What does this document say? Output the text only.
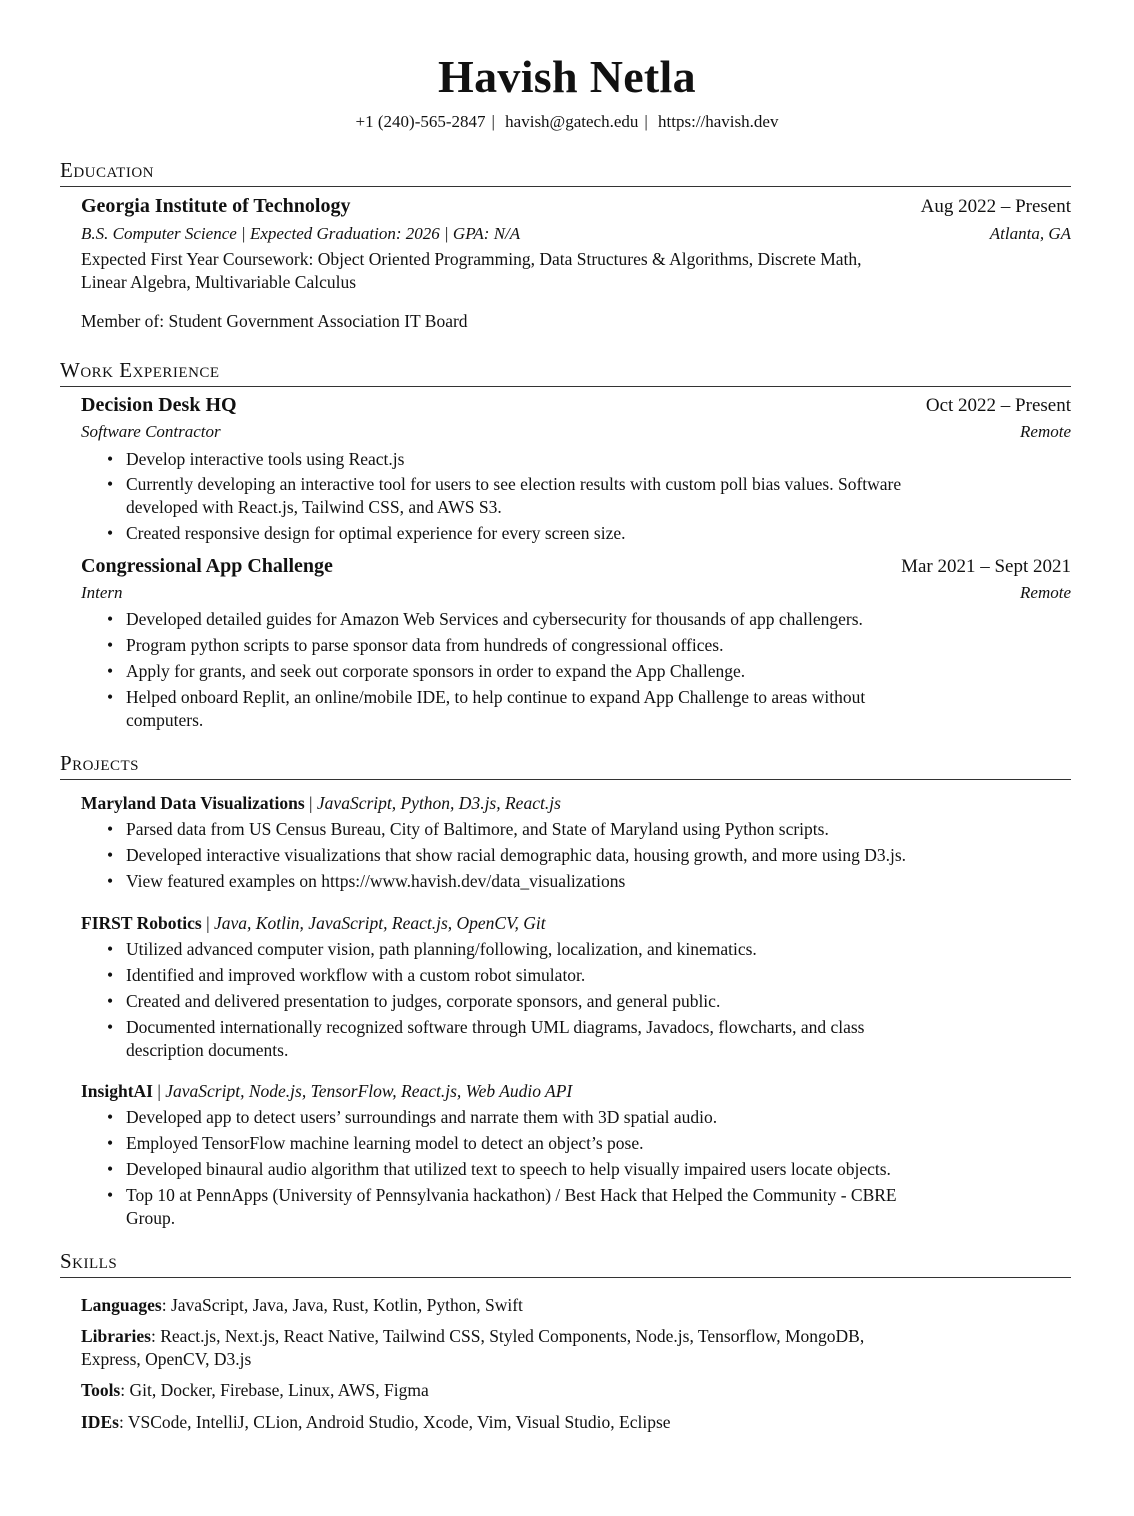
Havish Netla
+1 (240)-565-2847 | havish@gatech.edu | https://havish.dev
Education
Georgia Institute of Technology	Aug 2022 – Present
B.S. Computer Science | Expected Graduation: 2026 | GPA: N/A	Atlanta, GA
Expected First Year Coursework: Object Oriented Programming, Data Structures & Algorithms, Discrete Math,
Linear Algebra, Multivariable Calculus
Member of: Student Government Association IT Board
Work Experience
Decision Desk HQ	Oct 2022 – Present
Software Contractor	Remote
• Develop interactive tools using React.js
• Currently developing an interactive tool for users to see election results with custom poll bias values. Software
developed with React.js, Tailwind CSS, and AWS S3.
• Created responsive design for optimal experience for every screen size.
Congressional App Challenge	Mar 2021 – Sept 2021
Intern	Remote
• Developed detailed guides for Amazon Web Services and cybersecurity for thousands of app challengers.
• Program python scripts to parse sponsor data from hundreds of congressional offices.
• Apply for grants, and seek out corporate sponsors in order to expand the App Challenge.
• Helped onboard Replit, an online/mobile IDE, to help continue to expand App Challenge to areas without
computers.
Projects
Maryland Data Visualizations | JavaScript, Python, D3.js, React.js
• Parsed data from US Census Bureau, City of Baltimore, and State of Maryland using Python scripts.
• Developed interactive visualizations that show racial demographic data, housing growth, and more using D3.js.
• View featured examples on https://www.havish.dev/data_visualizations
FIRST Robotics | Java, Kotlin, JavaScript, React.js, OpenCV, Git
• Utilized advanced computer vision, path planning/following, localization, and kinematics.
• Identified and improved workflow with a custom robot simulator.
• Created and delivered presentation to judges, corporate sponsors, and general public.
• Documented internationally recognized software through UML diagrams, Javadocs, flowcharts, and class
description documents.
InsightAI | JavaScript, Node.js, TensorFlow, React.js, Web Audio API
• Developed app to detect users’ surroundings and narrate them with 3D spatial audio.
• Employed TensorFlow machine learning model to detect an object’s pose.
• Developed binaural audio algorithm that utilized text to speech to help visually impaired users locate objects.
• Top 10 at PennApps (University of Pennsylvania hackathon) / Best Hack that Helped the Community - CBRE
Group.
Skills
Languages: JavaScript, Java, Java, Rust, Kotlin, Python, Swift
Libraries: React.js, Next.js, React Native, Tailwind CSS, Styled Components, Node.js, Tensorflow, MongoDB,
Express, OpenCV, D3.js
Tools: Git, Docker, Firebase, Linux, AWS, Figma
IDEs: VSCode, IntelliJ, CLion, Android Studio, Xcode, Vim, Visual Studio, Eclipse
